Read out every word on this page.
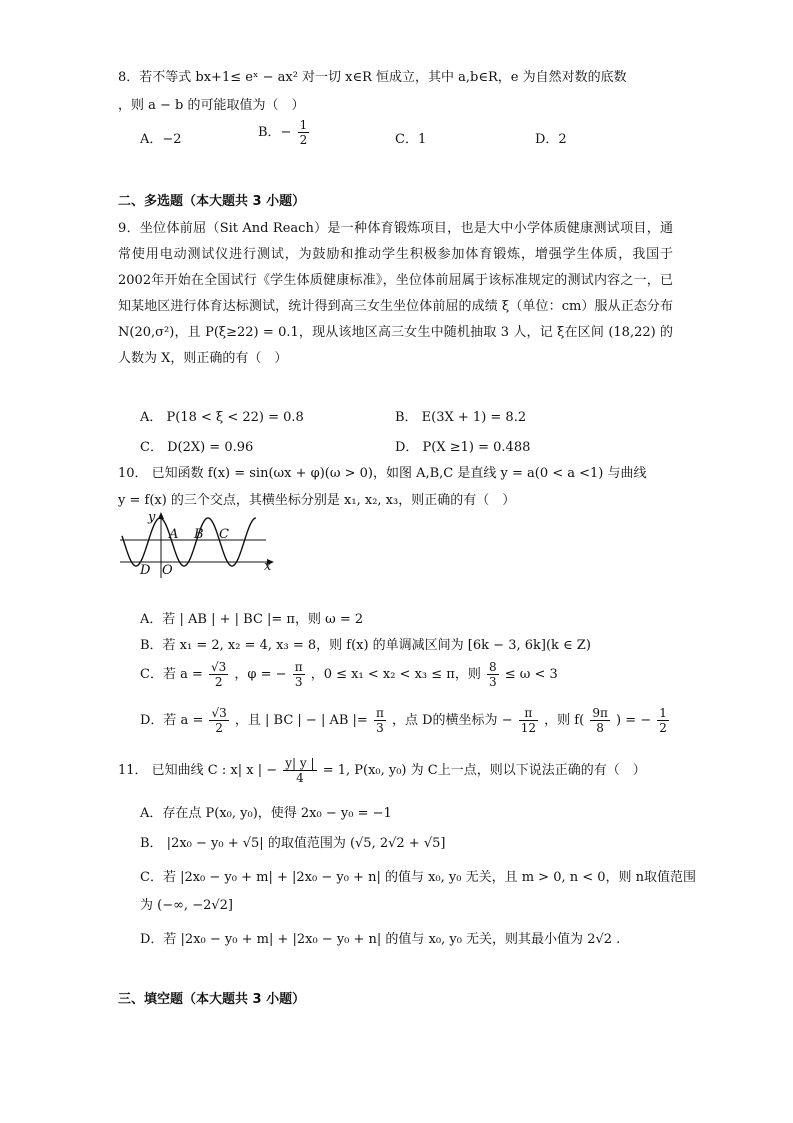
8．若不等式 bx+1≤ eˣ − ax² 对一切 x∈R 恒成立，其中 a,b∈R，e 为自然对数的底数
，则 a − b 的可能取值为（　）
A．−2	B．− $\frac{1}{2}$	C．1	D．2
二、多选题（本大题共 3 小题）
9．坐位体前屈（Sit And Reach）是一种体育锻炼项目，也是大中小学体质健康测试项目，通常使用电动测试仪进行测试，为鼓励和推动学生积极参加体育锻炼，增强学生体质，我国于 2002年开始在全国试行《学生体质健康标准》，坐位体前屈属于该标准规定的测试内容之一，已知某地区进行体育达标测试，统计得到高三女生坐位体前屈的成绩 ξ（单位：cm）服从正态分布 N(20,σ²)，且 P(ξ≥22) = 0.1，现从该地区高三女生中随机抽取 3 人，记 ξ在区间 (18,22) 的人数为 X，则正确的有（　）
A． P(18 < ξ < 22) = 0.8	B． E(3X + 1) = 8.2
C． D(2X) = 0.96	D． P(X ≥1) = 0.488
10． 已知函数 f(x) = sin(ωx + φ)(ω > 0)，如图 A,B,C 是直线 y = a(0 < a <1) 与曲线
y = f(x) 的三个交点，其横坐标分别是 x₁, x₂, x₃，则正确的有（　）
y
x
A B C
D O
A．若 | AB | + | BC |= π，则 ω = 2
B．若 x₁ = 2, x₂ = 4, x₃ = 8，则 f(x) 的单调减区间为 [6k − 3, 6k](k ∈ Z)
C．若 $a = \frac{√3}{2}$ ，φ = − $\frac{\pi}{3}$ ，0 ≤ x₁ < x₂ < x₃ ≤ π，则 $\frac{8}{3} \le \omega < 3$
D．若 $a = \frac{√3}{2}$ ，且 | BC | − | AB |= $\frac{\pi}{3}$ ，点 D的横坐标为 − $\frac{\pi}{12}$ ，则 $f( \frac{9\pi}{8}$ ) = − $\frac{1}{2}$
11． 已知曲线 C : x| x | − $\frac{y| y |}{4} = 1$, P(x₀, y₀) 为 C上一点，则以下说法正确的有（　）
A．存在点 P(x₀, y₀)，使得 2x₀ − y₀ = −1
B． |2x₀ − y₀ + √5| 的取值范围为 (√5, 2√2 + √5]
C．若 |2x₀ − y₀ + m| + |2x₀ − y₀ + n| 的值与 x₀, y₀ 无关，且 m > 0, n < 0，则 n取值范围
为 (−∞, −2√2]
D．若 |2x₀ − y₀ + m| + |2x₀ − y₀ + n| 的值与 x₀, y₀ 无关，则其最小值为 2√2 .
三、填空题（本大题共 3 小题）
